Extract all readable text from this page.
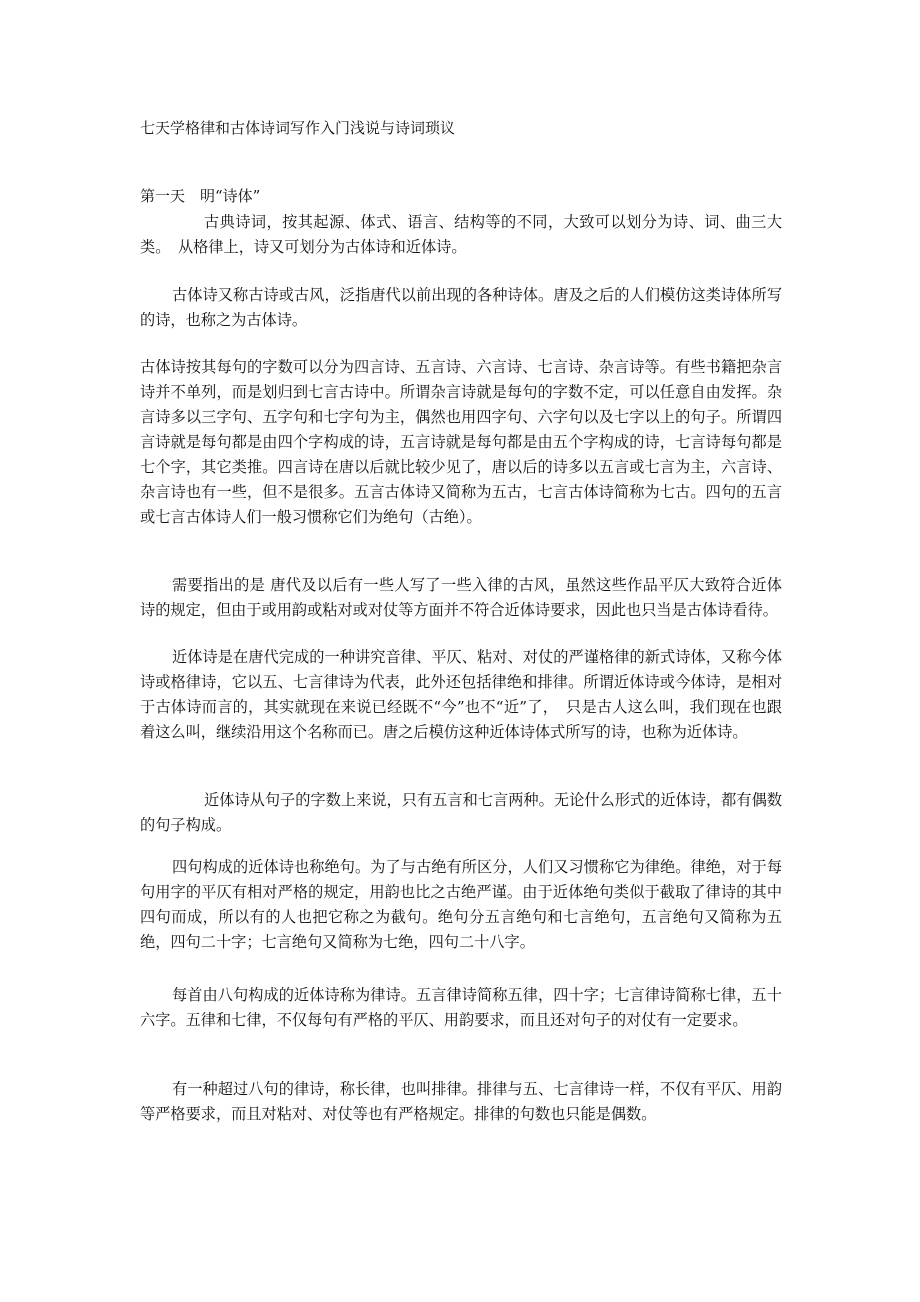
七天学格律和古体诗词写作入门浅说与诗词琐议
第一天　明“诗体”

古典诗词，按其起源、体式、语言、结构等的不同，大致可以划分为诗、词、曲三大类。　从格律上，诗又可划分为古体诗和近体诗。

古体诗又称古诗或古风，泛指唐代以前出现的各种诗体。唐及之后的人们模仿这类诗体所写的诗，也称之为古体诗。

古体诗按其每句的字数可以分为四言诗、五言诗、六言诗、七言诗、杂言诗等。有些书籍把杂言诗并不单列，而是划归到七言古诗中。所谓杂言诗就是每句的字数不定，可以任意自由发挥。杂言诗多以三字句、五字句和七字句为主，偶然也用四字句、六字句以及七字以上的句子。所谓四言诗就是每句都是由四个字构成的诗，五言诗就是每句都是由五个字构成的诗，七言诗每句都是七个字，其它类推。四言诗在唐以后就比较少见了，唐以后的诗多以五言或七言为主，六言诗、杂言诗也有一些，但不是很多。五言古体诗又简称为五古，七言古体诗简称为七古。四句的五言或七言古体诗人们一般习惯称它们为绝句（古绝）。

需要指出的是 唐代及以后有一些人写了一些入律的古风，虽然这些作品平仄大致符合近体诗的规定，但由于或用韵或粘对或对仗等方面并不符合近体诗要求，因此也只当是古体诗看待。

近体诗是在唐代完成的一种讲究音律、平仄、粘对、对仗的严谨格律的新式诗体，又称今体诗或格律诗，它以五、七言律诗为代表，此外还包括律绝和排律。所谓近体诗或今体诗，是相对于古体诗而言的，其实就现在来说已经既不“今”也不“近”了，　只是古人这么叫，我们现在也跟着这么叫，继续沿用这个名称而已。唐之后模仿这种近体诗体式所写的诗，也称为近体诗。

近体诗从句子的字数上来说，只有五言和七言两种。无论什么形式的近体诗，都有偶数的句子构成。

四句构成的近体诗也称绝句。为了与古绝有所区分，人们又习惯称它为律绝。律绝，对于每句用字的平仄有相对严格的规定，用韵也比之古绝严谨。由于近体绝句类似于截取了律诗的其中四句而成，所以有的人也把它称之为截句。绝句分五言绝句和七言绝句，五言绝句又简称为五绝，四句二十字；七言绝句又简称为七绝，四句二十八字。

每首由八句构成的近体诗称为律诗。五言律诗简称五律，四十字；七言律诗简称七律，五十六字。五律和七律，不仅每句有严格的平仄、用韵要求，而且还对句子的对仗有一定要求。

有一种超过八句的律诗，称长律，也叫排律。排律与五、七言律诗一样，不仅有平仄、用韵等严格要求，而且对粘对、对仗等也有严格规定。排律的句数也只能是偶数。
